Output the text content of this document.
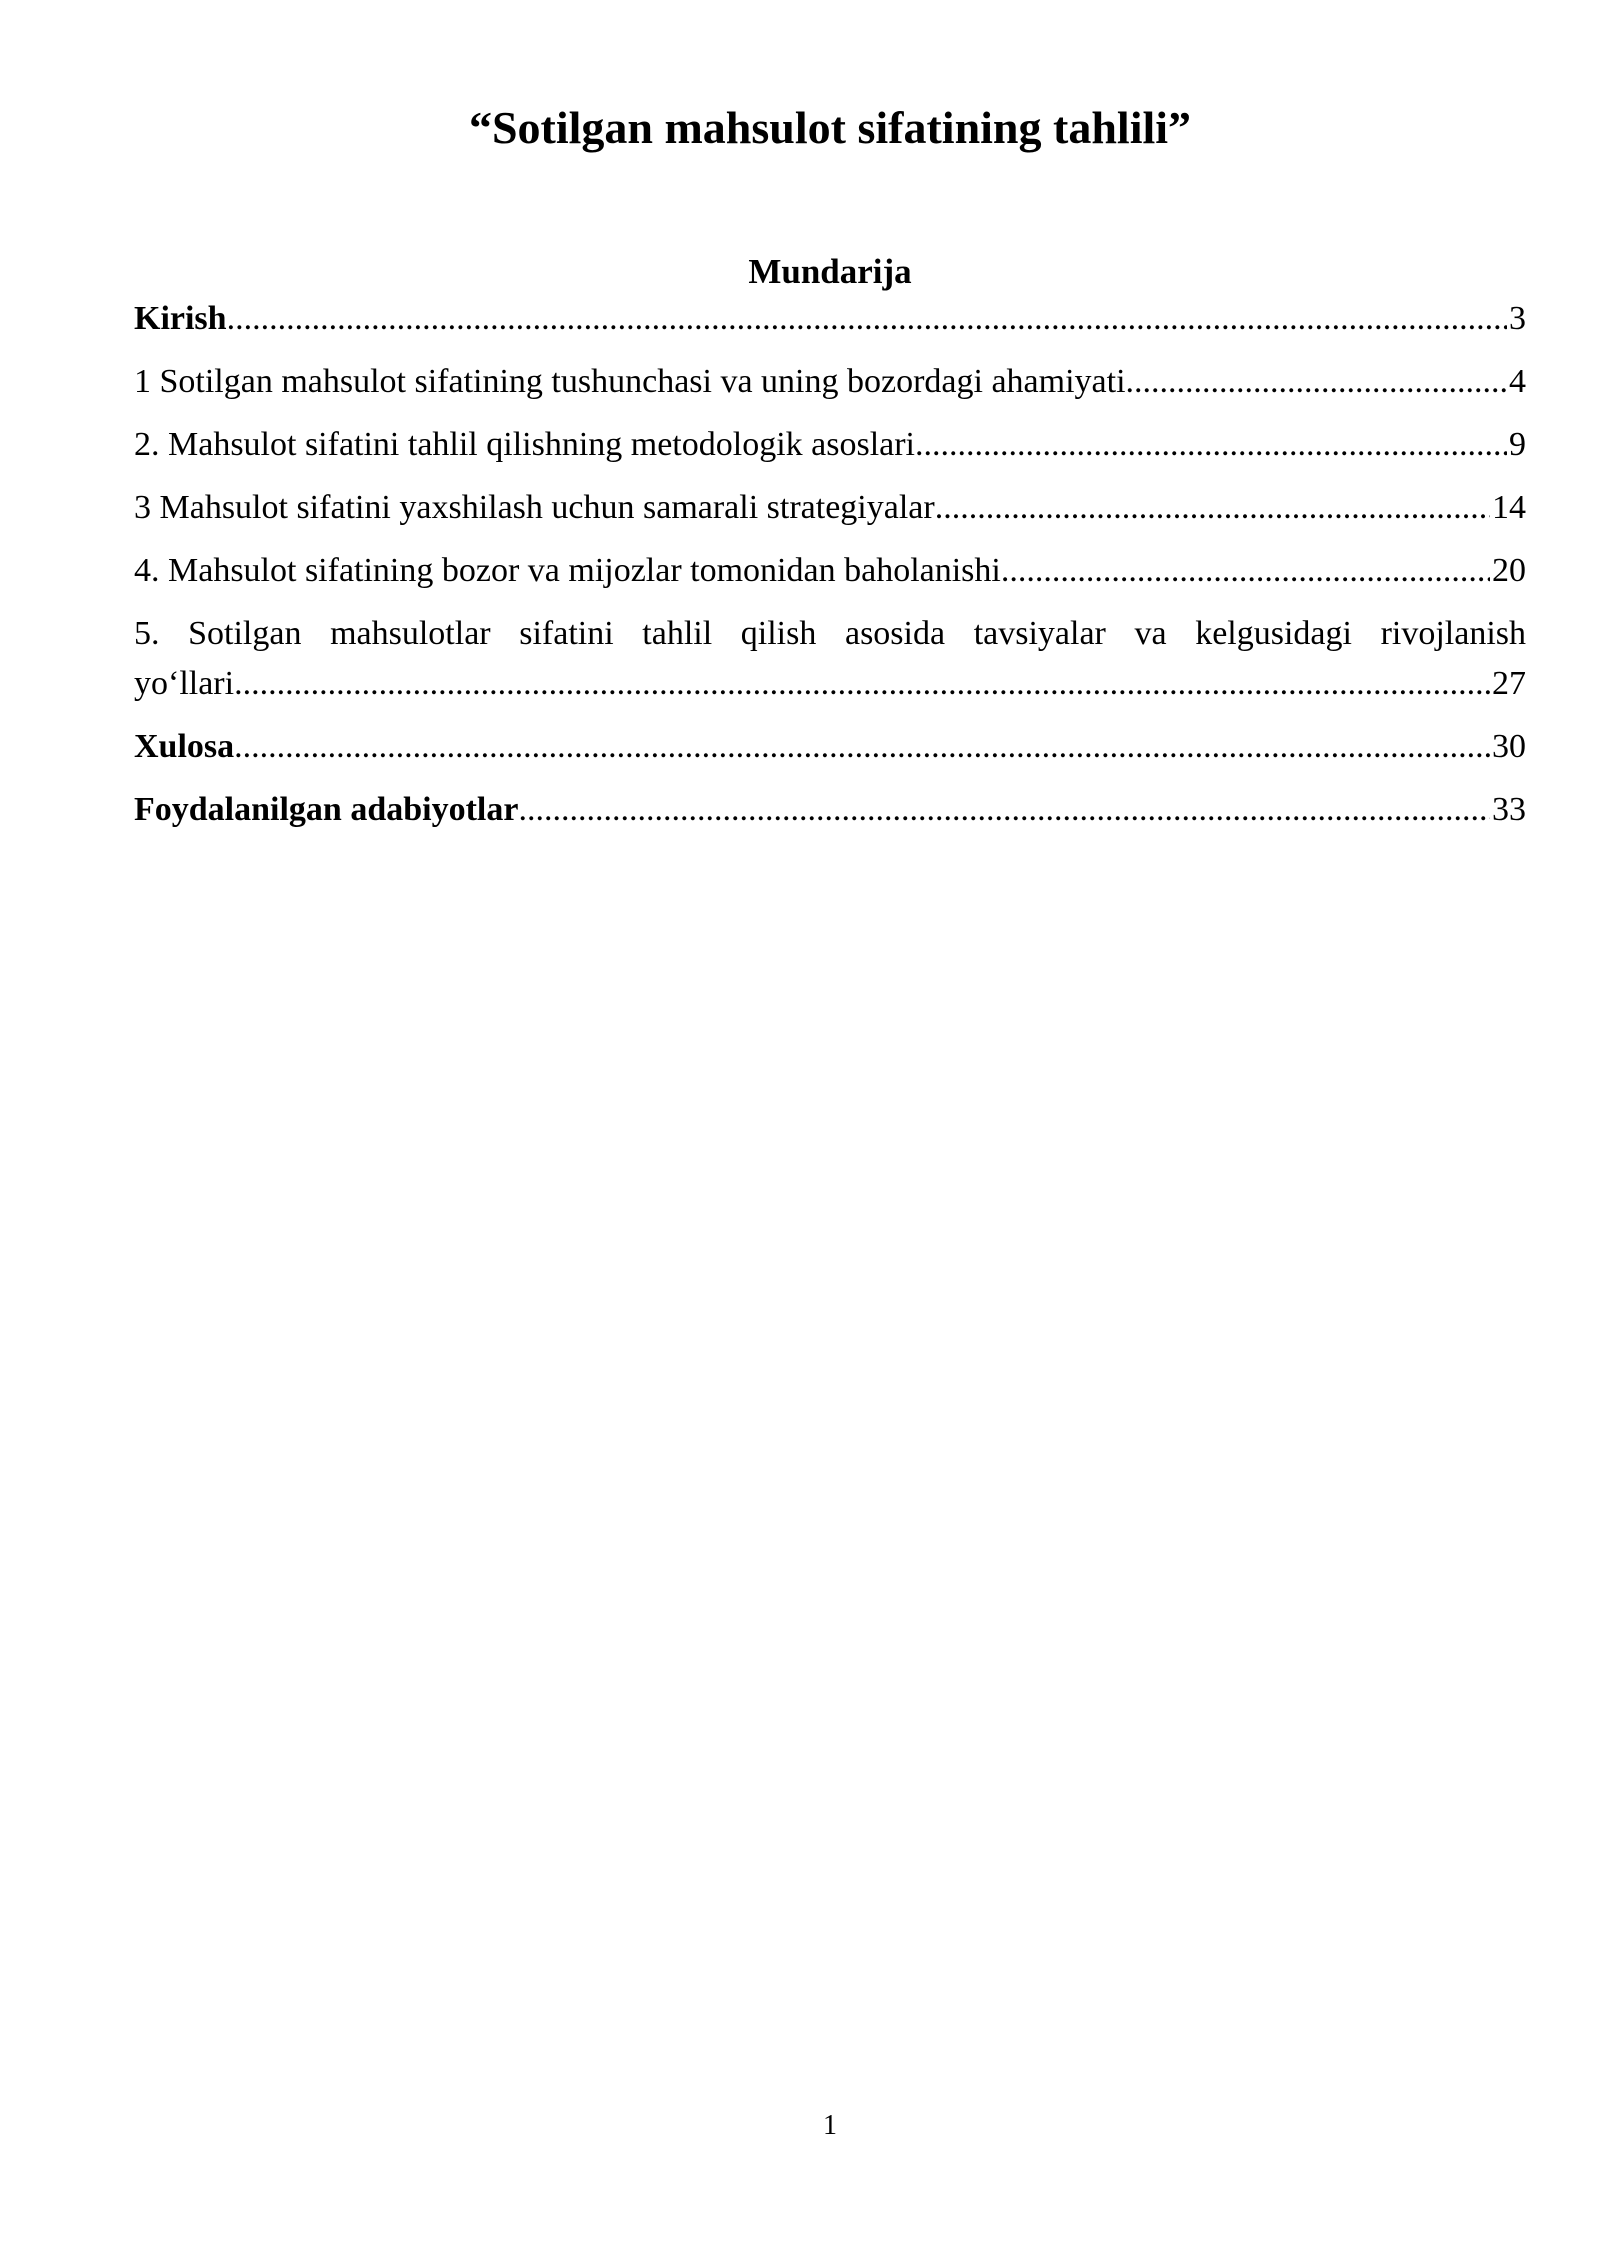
“Sotilgan mahsulot sifatining tahlili”
Mundarija
Kirish .....	3
1 Sotilgan mahsulot sifatining tushunchasi va uning bozordagi ahamiyati .....	4
2. Mahsulot sifatini tahlil qilishning metodologik asoslari .....	9
3 Mahsulot sifatini yaxshilash uchun samarali strategiyalar .....	14
4. Mahsulot sifatining bozor va mijozlar tomonidan baholanishi .....	20
5. Sotilgan mahsulotlar sifatini tahlil qilish asosida tavsiyalar va kelgusidagi rivojlanish
yo‘llari .....	27
Xulosa .....	30
Foydalanilgan adabiyotlar .....	33
1
